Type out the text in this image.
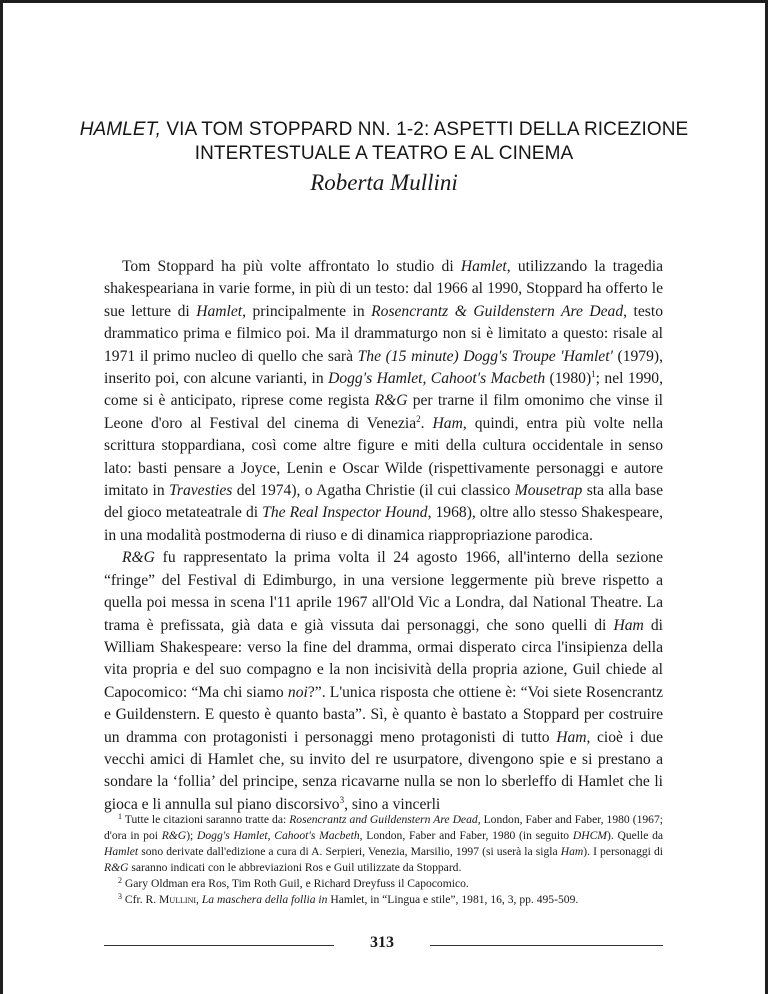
HAMLET, VIA TOM STOPPARD NN. 1-2: ASPETTI DELLA RICEZIONE
INTERTESTUALE A TEATRO E AL CINEMA
Roberta Mullini

Tom Stoppard ha più volte affrontato lo studio di Hamlet, utilizzando la tragedia shakespeariana in varie forme, in più di un testo: dal 1966 al 1990, Stoppard ha offerto le sue letture di Hamlet, principalmente in Rosencrantz & Guildenstern Are Dead, testo drammatico prima e filmico poi. Ma il drammaturgo non si è limitato a questo: risale al 1971 il primo nucleo di quello che sarà The (15 minute) Dogg's Troupe 'Hamlet' (1979), inserito poi, con alcune varianti, in Dogg's Hamlet, Cahoot's Macbeth $(1980)^1$; nel 1990, come si è anticipato, riprese come regista R&G per trarne il film omonimo che vinse il Leone d'oro al Festival del cinema di Venezia$^2$. Ham, quindi, entra più volte nella scrittura stoppardiana, così come altre figure e miti della cultura occidentale in senso lato: basti pensare a Joyce, Lenin e Oscar Wilde (rispettivamente personaggi e autore imitato in Travesties del 1974), o Agatha Christie (il cui classico Mousetrap sta alla base del gioco metateatrale di The Real Inspector Hound, 1968), oltre allo stesso Shakespeare, in una modalità postmoderna di riuso e di dinamica riappropriazione parodica.

R&G fu rappresentato la prima volta il 24 agosto 1966, all'interno della sezione “fringe” del Festival di Edimburgo, in una versione leggermente più breve rispetto a quella poi messa in scena l'11 aprile 1967 all'Old Vic a Londra, dal National Theatre. La trama è prefissata, già data e già vissuta dai personaggi, che sono quelli di Ham di William Shakespeare: verso la fine del dramma, ormai disperato circa l'insipienza della vita propria e del suo compagno e la non incisività della propria azione, Guil chiede al Capocomico: “Ma chi siamo noi?”. L'unica risposta che ottiene è: “Voi siete Rosencrantz e Guildenstern. E questo è quanto basta”. Sì, è quanto è bastato a Stoppard per costruire un dramma con protagonisti i personaggi meno protagonisti di tutto Ham, cioè i due vecchi amici di Hamlet che, su invito del re usurpatore, divengono spie e si prestano a sondare la ‘follia’ del principe, senza ricavarne nulla se non lo sberleffo di Hamlet che li gioca e li annulla sul piano discorsivo$^3$, sino a vincerli

$^1$ Tutte le citazioni saranno tratte da: Rosencrantz and Guildenstern Are Dead, London, Faber and Faber, 1980 (1967; d'ora in poi R&G); Dogg's Hamlet, Cahoot's Macbeth, London, Faber and Faber, 1980 (in seguito DHCM). Quelle da Hamlet sono derivate dall'edizione a cura di A. Serpieri, Venezia, Marsilio, 1997 (si userà la sigla Ham). I personaggi di R&G saranno indicati con le abbreviazioni Ros e Guil utilizzate da Stoppard.

$^2$ Gary Oldman era Ros, Tim Roth Guil, e Richard Dreyfuss il Capocomico.

$^3$ Cfr. R. Mullini, La maschera della follia in Hamlet, in “Lingua e stile”, 1981, 16, 3, pp. 495-509.

313
